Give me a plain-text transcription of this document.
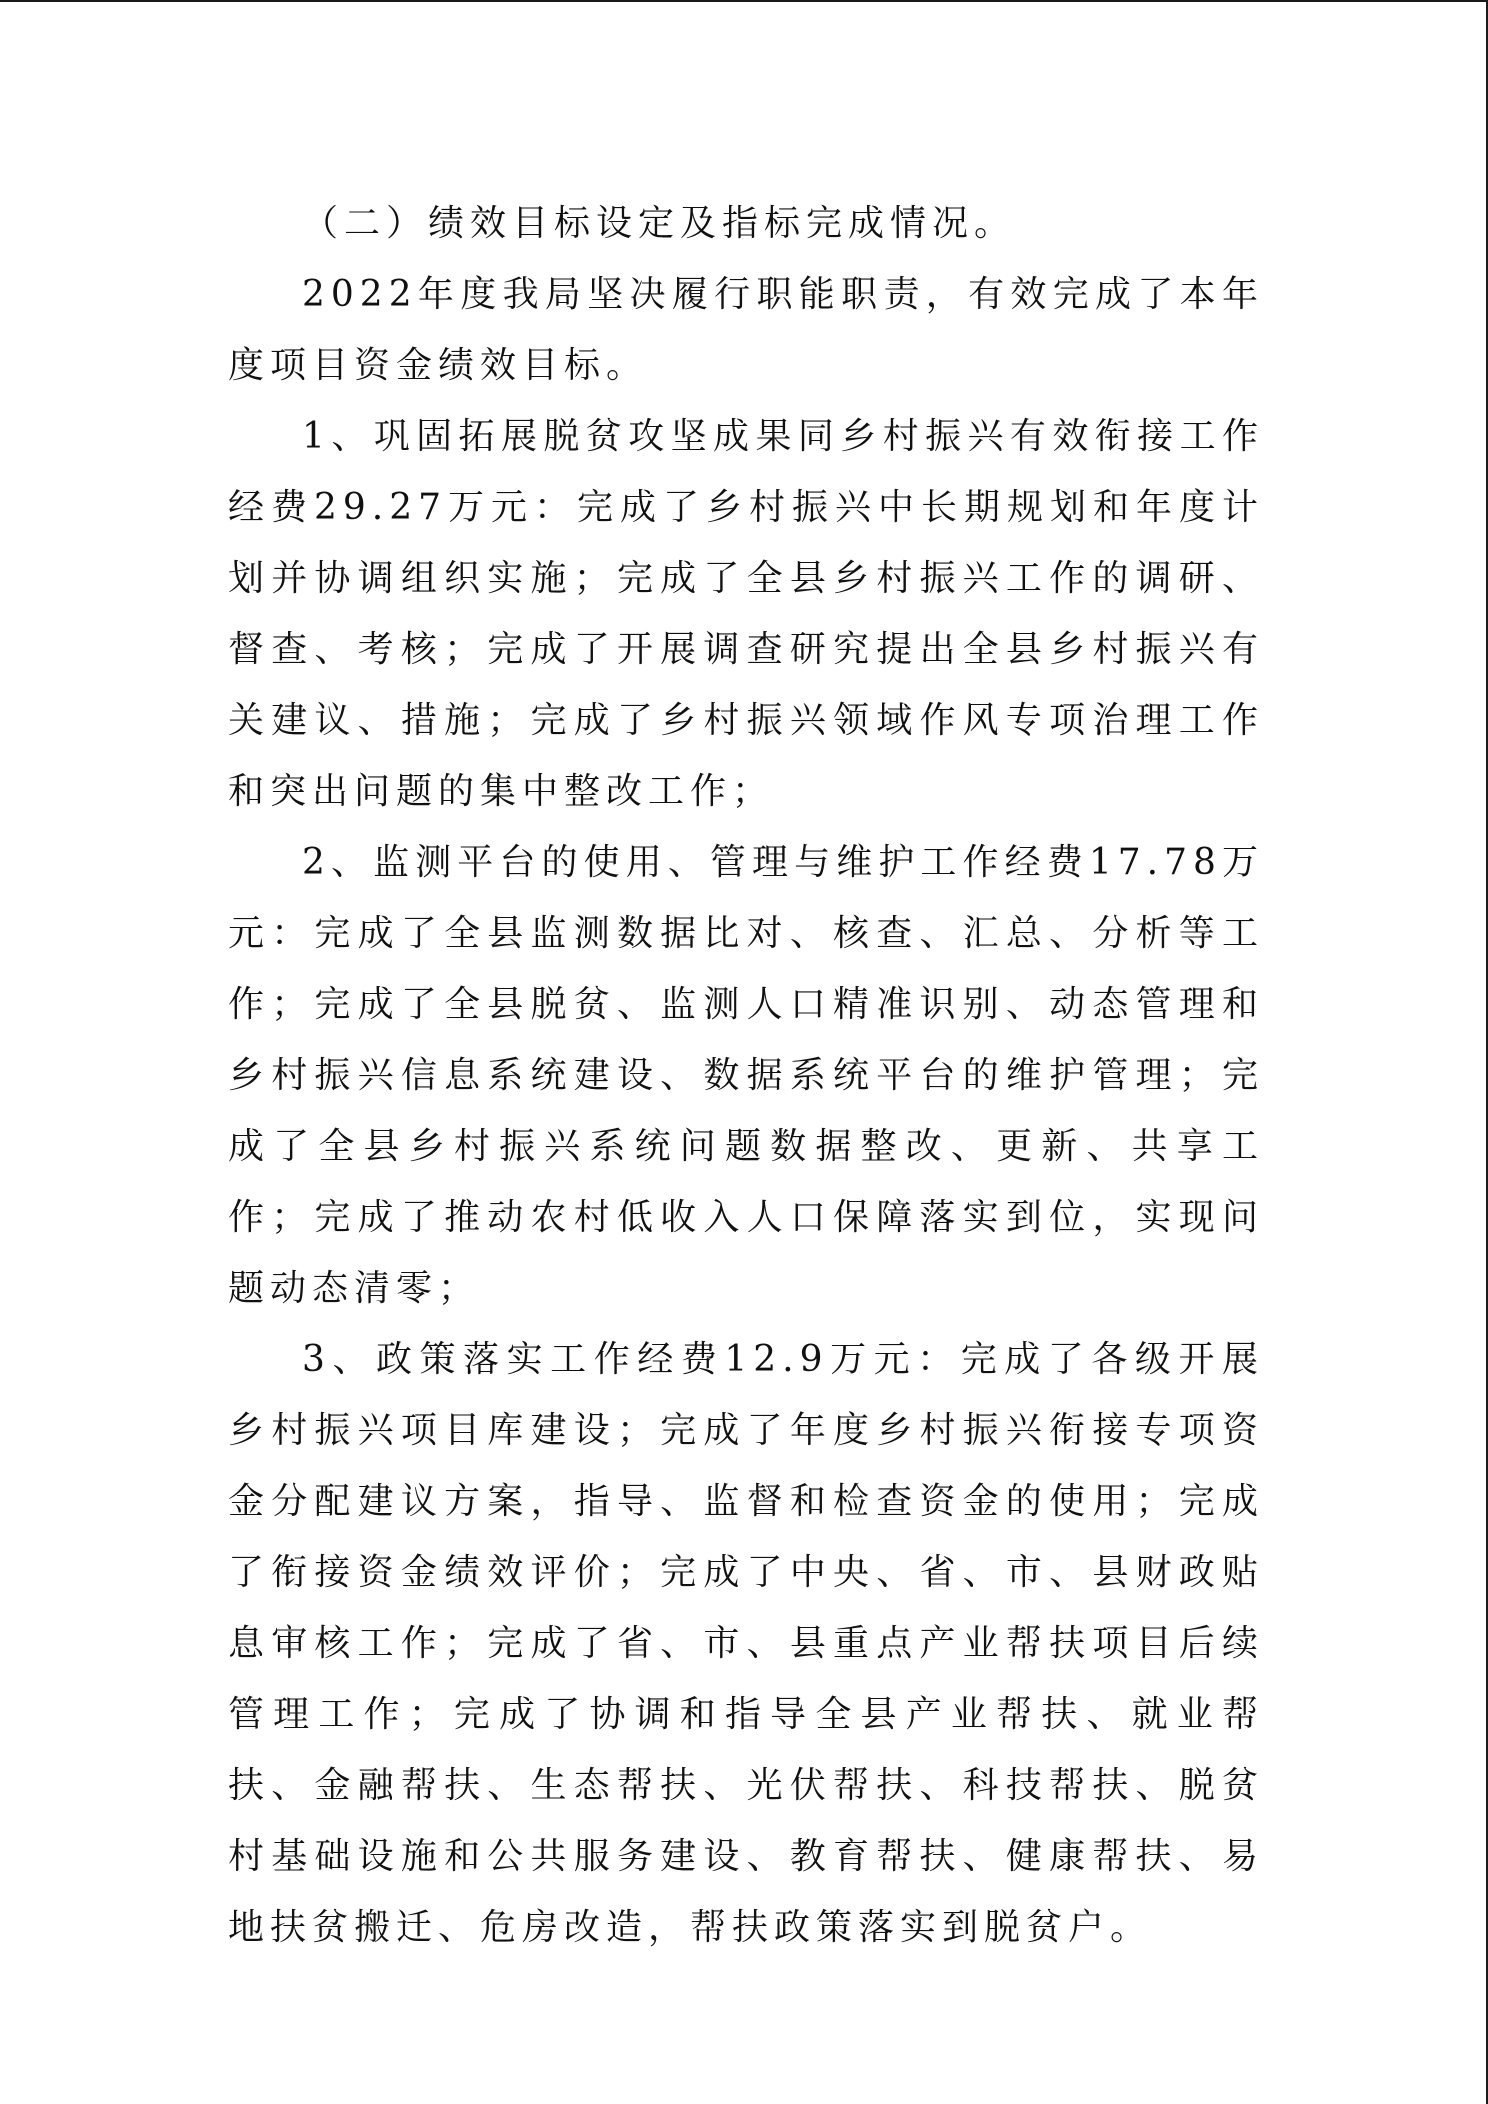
（二）绩效目标设定及指标完成情况。

2022年度我局坚决履行职能职责，有效完成了本年度项目资金绩效目标。

1、巩固拓展脱贫攻坚成果同乡村振兴有效衔接工作经费29.27万元：完成了乡村振兴中长期规划和年度计划并协调组织实施；完成了全县乡村振兴工作的调研、督查、考核；完成了开展调查研究提出全县乡村振兴有关建议、措施；完成了乡村振兴领域作风专项治理工作和突出问题的集中整改工作；

2、监测平台的使用、管理与维护工作经费17.78万元：完成了全县监测数据比对、核查、汇总、分析等工作；完成了全县脱贫、监测人口精准识别、动态管理和乡村振兴信息系统建设、数据系统平台的维护管理；完成了全县乡村振兴系统问题数据整改、更新、共享工作；完成了推动农村低收入人口保障落实到位，实现问题动态清零；

3、政策落实工作经费12.9万元：完成了各级开展乡村振兴项目库建设；完成了年度乡村振兴衔接专项资金分配建议方案，指导、监督和检查资金的使用；完成了衔接资金绩效评价；完成了中央、省、市、县财政贴息审核工作；完成了省、市、县重点产业帮扶项目后续管理工作；完成了协调和指导全县产业帮扶、就业帮扶、金融帮扶、生态帮扶、光伏帮扶、科技帮扶、脱贫村基础设施和公共服务建设、教育帮扶、健康帮扶、易地扶贫搬迁、危房改造，帮扶政策落实到脱贫户。
